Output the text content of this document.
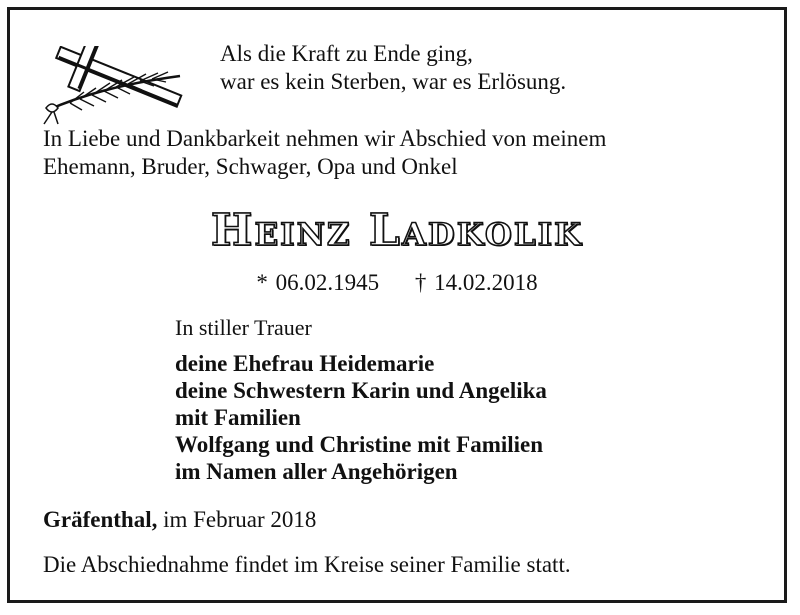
Als die Kraft zu Ende ging,
war es kein Sterben, war es Erlösung.
In Liebe und Dankbarkeit nehmen wir Abschied von meinem
Ehemann, Bruder, Schwager, Opa und Onkel
Heinz Ladkolik
* 06.02.1945 † 14.02.2018
In stiller Trauer
deine Ehefrau Heidemarie
deine Schwestern Karin und Angelika
mit Familien
Wolfgang und Christine mit Familien
im Namen aller Angehörigen
Gräfenthal, im Februar 2018
Die Abschiednahme findet im Kreise seiner Familie statt.
